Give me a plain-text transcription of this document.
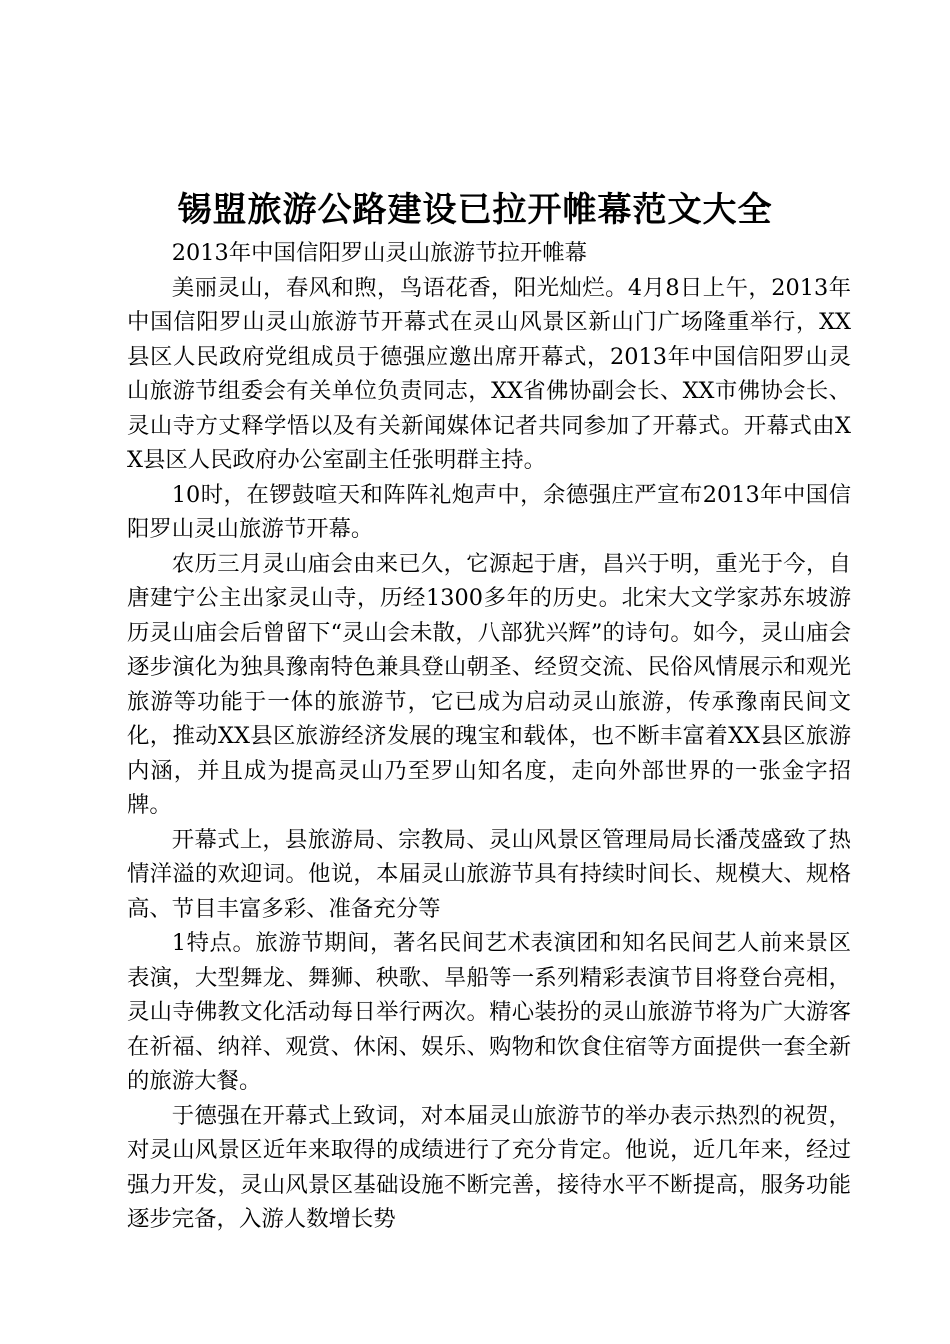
锡盟旅游公路建设已拉开帷幕范文大全

2013年中国信阳罗山灵山旅游节拉开帷幕

美丽灵山，春风和煦，鸟语花香，阳光灿烂。4月8日上午，2013年中国信阳罗山灵山旅游节开幕式在灵山风景区新山门广场隆重举行，XX县区人民政府党组成员于德强应邀出席开幕式，2013年中国信阳罗山灵山旅游节组委会有关单位负责同志，XX省佛协副会长、XX市佛协会长、灵山寺方丈释学悟以及有关新闻媒体记者共同参加了开幕式。开幕式由XX县区人民政府办公室副主任张明群主持。

10时，在锣鼓喧天和阵阵礼炮声中，余德强庄严宣布2013年中国信阳罗山灵山旅游节开幕。

农历三月灵山庙会由来已久，它源起于唐，昌兴于明，重光于今，自唐建宁公主出家灵山寺，历经1300多年的历史。北宋大文学家苏东坡游历灵山庙会后曾留下“灵山会未散，八部犹兴辉”的诗句。如今，灵山庙会逐步演化为独具豫南特色兼具登山朝圣、经贸交流、民俗风情展示和观光旅游等功能于一体的旅游节，它已成为启动灵山旅游，传承豫南民间文化，推动XX县区旅游经济发展的瑰宝和载体，也不断丰富着XX县区旅游内涵，并且成为提高灵山乃至罗山知名度，走向外部世界的一张金字招牌。

开幕式上，县旅游局、宗教局、灵山风景区管理局局长潘茂盛致了热情洋溢的欢迎词。他说，本届灵山旅游节具有持续时间长、规模大、规格高、节目丰富多彩、准备充分等

1特点。旅游节期间，著名民间艺术表演团和知名民间艺人前来景区表演，大型舞龙、舞狮、秧歌、旱船等一系列精彩表演节目将登台亮相，灵山寺佛教文化活动每日举行两次。精心装扮的灵山旅游节将为广大游客在祈福、纳祥、观赏、休闲、娱乐、购物和饮食住宿等方面提供一套全新的旅游大餐。

于德强在开幕式上致词，对本届灵山旅游节的举办表示热烈的祝贺，对灵山风景区近年来取得的成绩进行了充分肯定。他说，近几年来，经过强力开发，灵山风景区基础设施不断完善，接待水平不断提高，服务功能逐步完备，入游人数增长势
